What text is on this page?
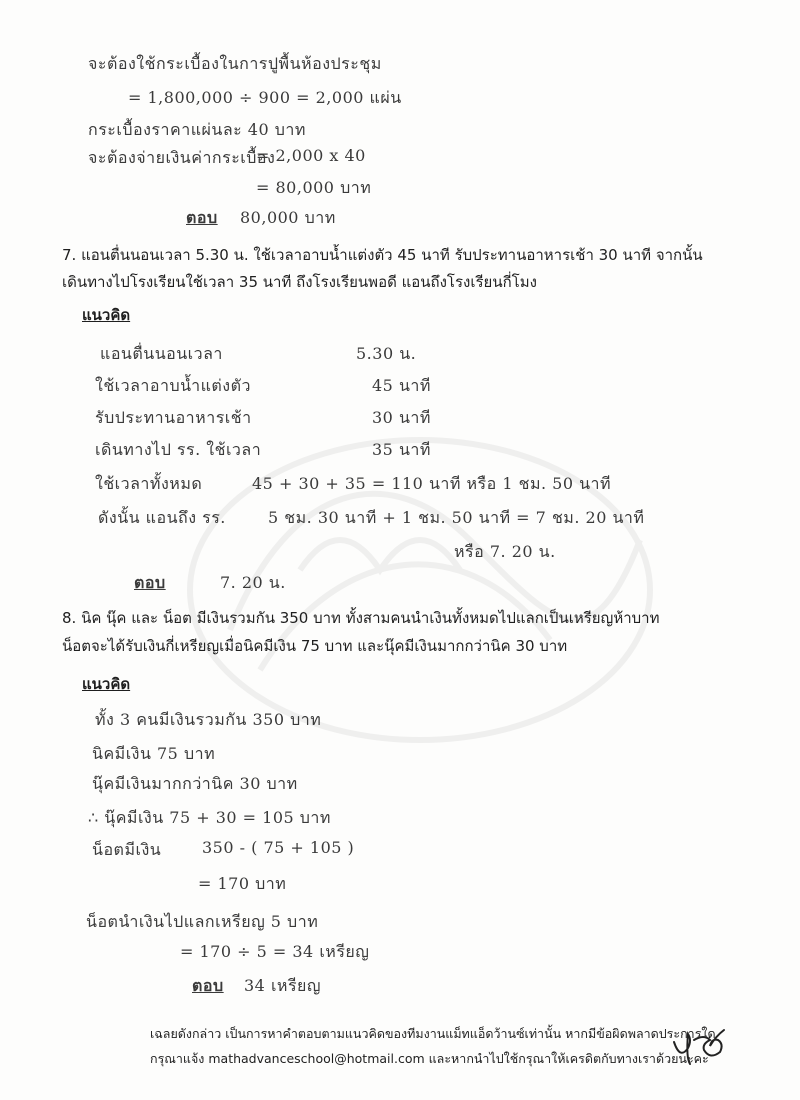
จะต้องใช้กระเบื้องในการปูพื้นห้องประชุม
= 1,800,000 ÷ 900 = 2,000 แผ่น
กระเบื้องราคาแผ่นละ 40 บาท
จะต้องจ่ายเงินค่ากระเบื้อง
= 2,000 x 40
= 80,000 บาท
ตอบ 80,000 บาท
7. แอนตื่นนอนเวลา 5.30 น. ใช้เวลาอาบน้ำแต่งตัว 45 นาที รับประทานอาหารเช้า 30 นาที จากนั้น
เดินทางไปโรงเรียนใช้เวลา 35 นาที ถึงโรงเรียนพอดี แอนถึงโรงเรียนกี่โมง
แนวคิด
แอนตื่นนอนเวลา	5.30 น.
ใช้เวลาอาบน้ำแต่งตัว	45 นาที
รับประทานอาหารเช้า	30 นาที
เดินทางไป รร. ใช้เวลา	35 นาที
ใช้เวลาทั้งหมด	45 + 30 + 35 = 110 นาที หรือ 1 ชม. 50 นาที
ดังนั้น แอนถึง รร.	5 ชม. 30 นาที + 1 ชม. 50 นาที = 7 ชม. 20 นาที
หรือ 7. 20 น.
ตอบ	7. 20 น.
8. นิค นุ๊ค และ น็อต มีเงินรวมกัน 350 บาท ทั้งสามคนนำเงินทั้งหมดไปแลกเป็นเหรียญห้าบาท
น็อตจะได้รับเงินกี่เหรียญเมื่อนิคมีเงิน 75 บาท และนุ๊คมีเงินมากกว่านิค 30 บาท
แนวคิด
ทั้ง 3 คนมีเงินรวมกัน 350 บาท
นิคมีเงิน 75 บาท
นุ๊คมีเงินมากกว่านิค 30 บาท
∴ นุ๊คมีเงิน 75 + 30 = 105 บาท
น็อตมีเงิน	350 - ( 75 + 105 )
= 170 บาท
น็อตนำเงินไปแลกเหรียญ 5 บาท
= 170 ÷ 5 = 34 เหรียญ
ตอบ 34 เหรียญ
เฉลยดังกล่าว เป็นการหาคำตอบตามแนวคิดของทีมงานแม็ทแอ็ดว้านซ์เท่านั้น หากมีข้อผิดพลาดประการใด
กรุณาแจ้ง mathadvanceschool@hotmail.com และหากนำไปใช้กรุณาให้เครดิตกับทางเราด้วยนะคะ
